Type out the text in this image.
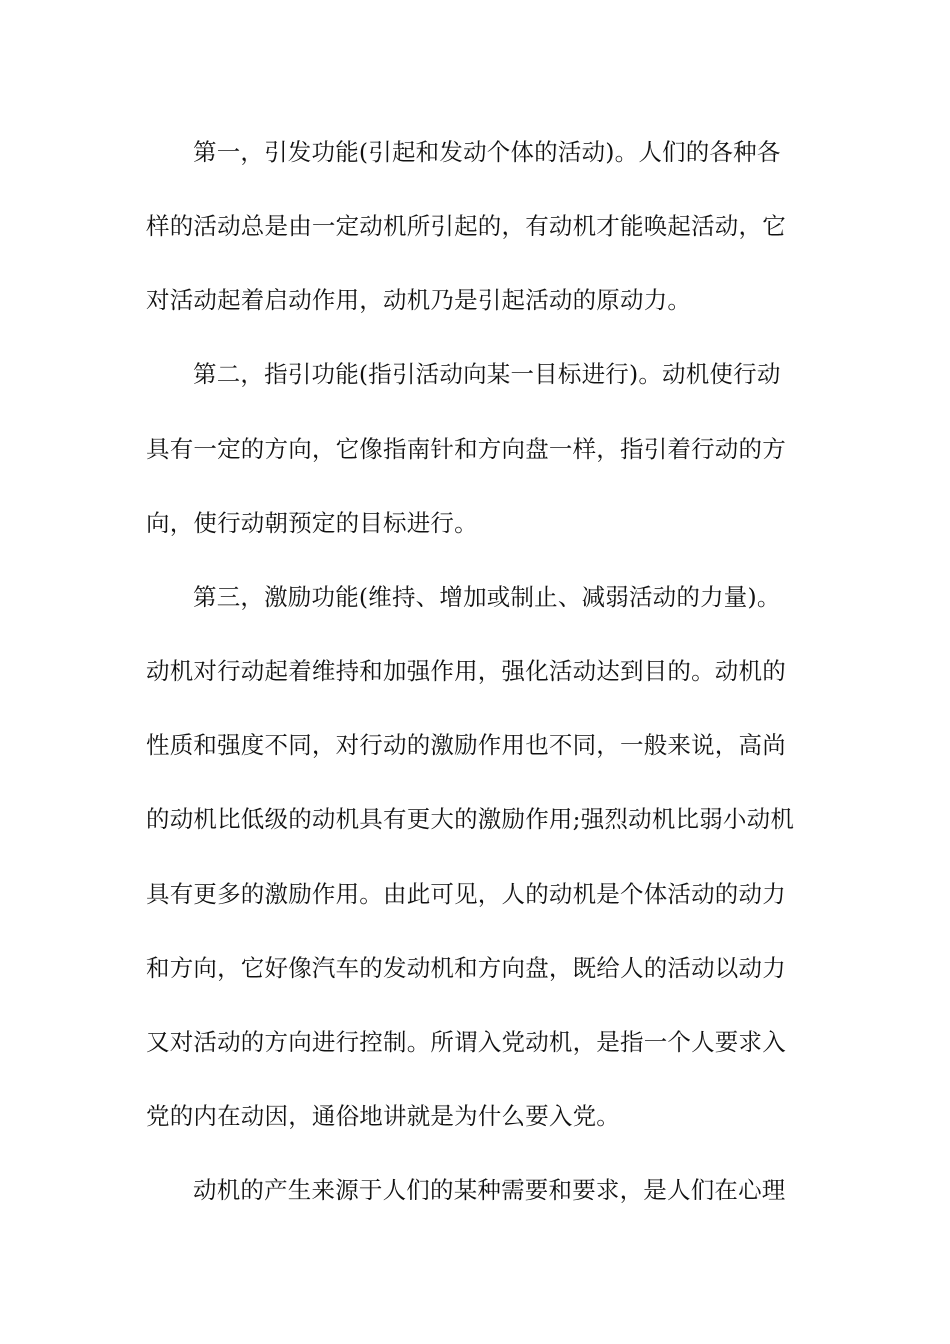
第一，引发功能(引起和发动个体的活动)。人们的各种各
样的活动总是由一定动机所引起的，有动机才能唤起活动，它
对活动起着启动作用，动机乃是引起活动的原动力。
第二，指引功能(指引活动向某一目标进行)。动机使行动
具有一定的方向，它像指南针和方向盘一样，指引着行动的方
向，使行动朝预定的目标进行。
第三，激励功能(维持、增加或制止、减弱活动的力量)。
动机对行动起着维持和加强作用，强化活动达到目的。动机的
性质和强度不同，对行动的激励作用也不同，一般来说，高尚
的动机比低级的动机具有更大的激励作用;强烈动机比弱小动机
具有更多的激励作用。由此可见，人的动机是个体活动的动力
和方向，它好像汽车的发动机和方向盘，既给人的活动以动力
又对活动的方向进行控制。所谓入党动机，是指一个人要求入
党的内在动因，通俗地讲就是为什么要入党。
动机的产生来源于人们的某种需要和要求，是人们在心理
